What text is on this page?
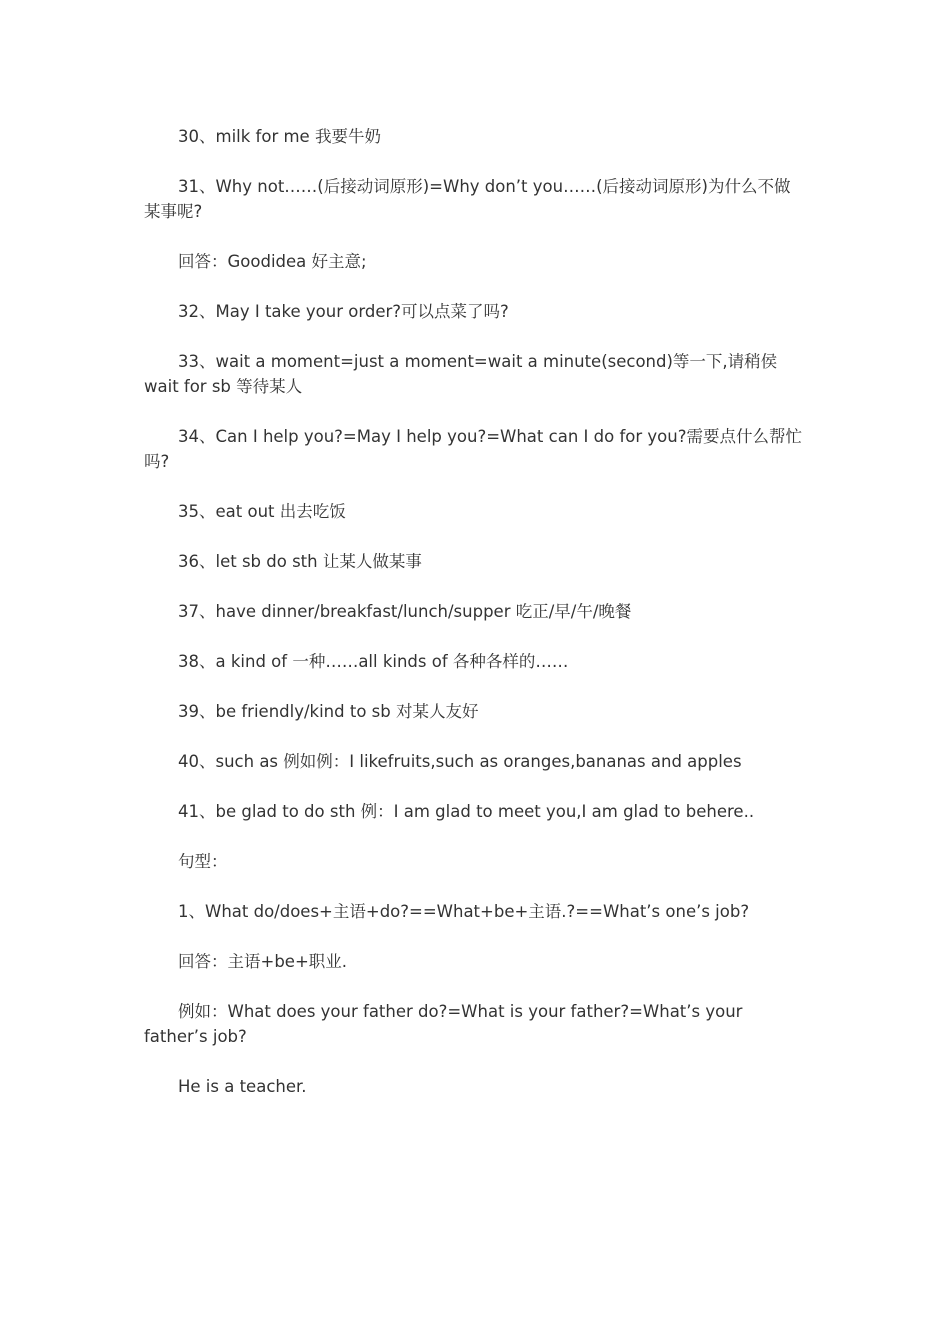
30、milk for me 我要牛奶

31、Why not……(后接动词原形)=Why don’t you……(后接动词原形)为什么不做某事呢?

回答：Goodidea 好主意;

32、May I take your order?可以点菜了吗?

33、wait a moment=just a moment=wait a minute(second)等一下,请稍侯 wait for sb 等待某人

34、Can I help you?=May I help you?=What can I do for you?需要点什么帮忙吗?

35、eat out 出去吃饭

36、let sb do sth 让某人做某事

37、have dinner/breakfast/lunch/supper 吃正/早/午/晚餐

38、a kind of 一种……all kinds of 各种各样的……

39、be friendly/kind to sb 对某人友好

40、such as 例如例：I likefruits,such as oranges,bananas and apples

41、be glad to do sth 例：I am glad to meet you,I am glad to behere..

句型：

1、What do/does+主语+do?==What+be+主语.?==What’s one’s job?

回答：主语+be+职业.

例如：What does your father do?=What is your father?=What’s your father’s job?

He is a teacher.
